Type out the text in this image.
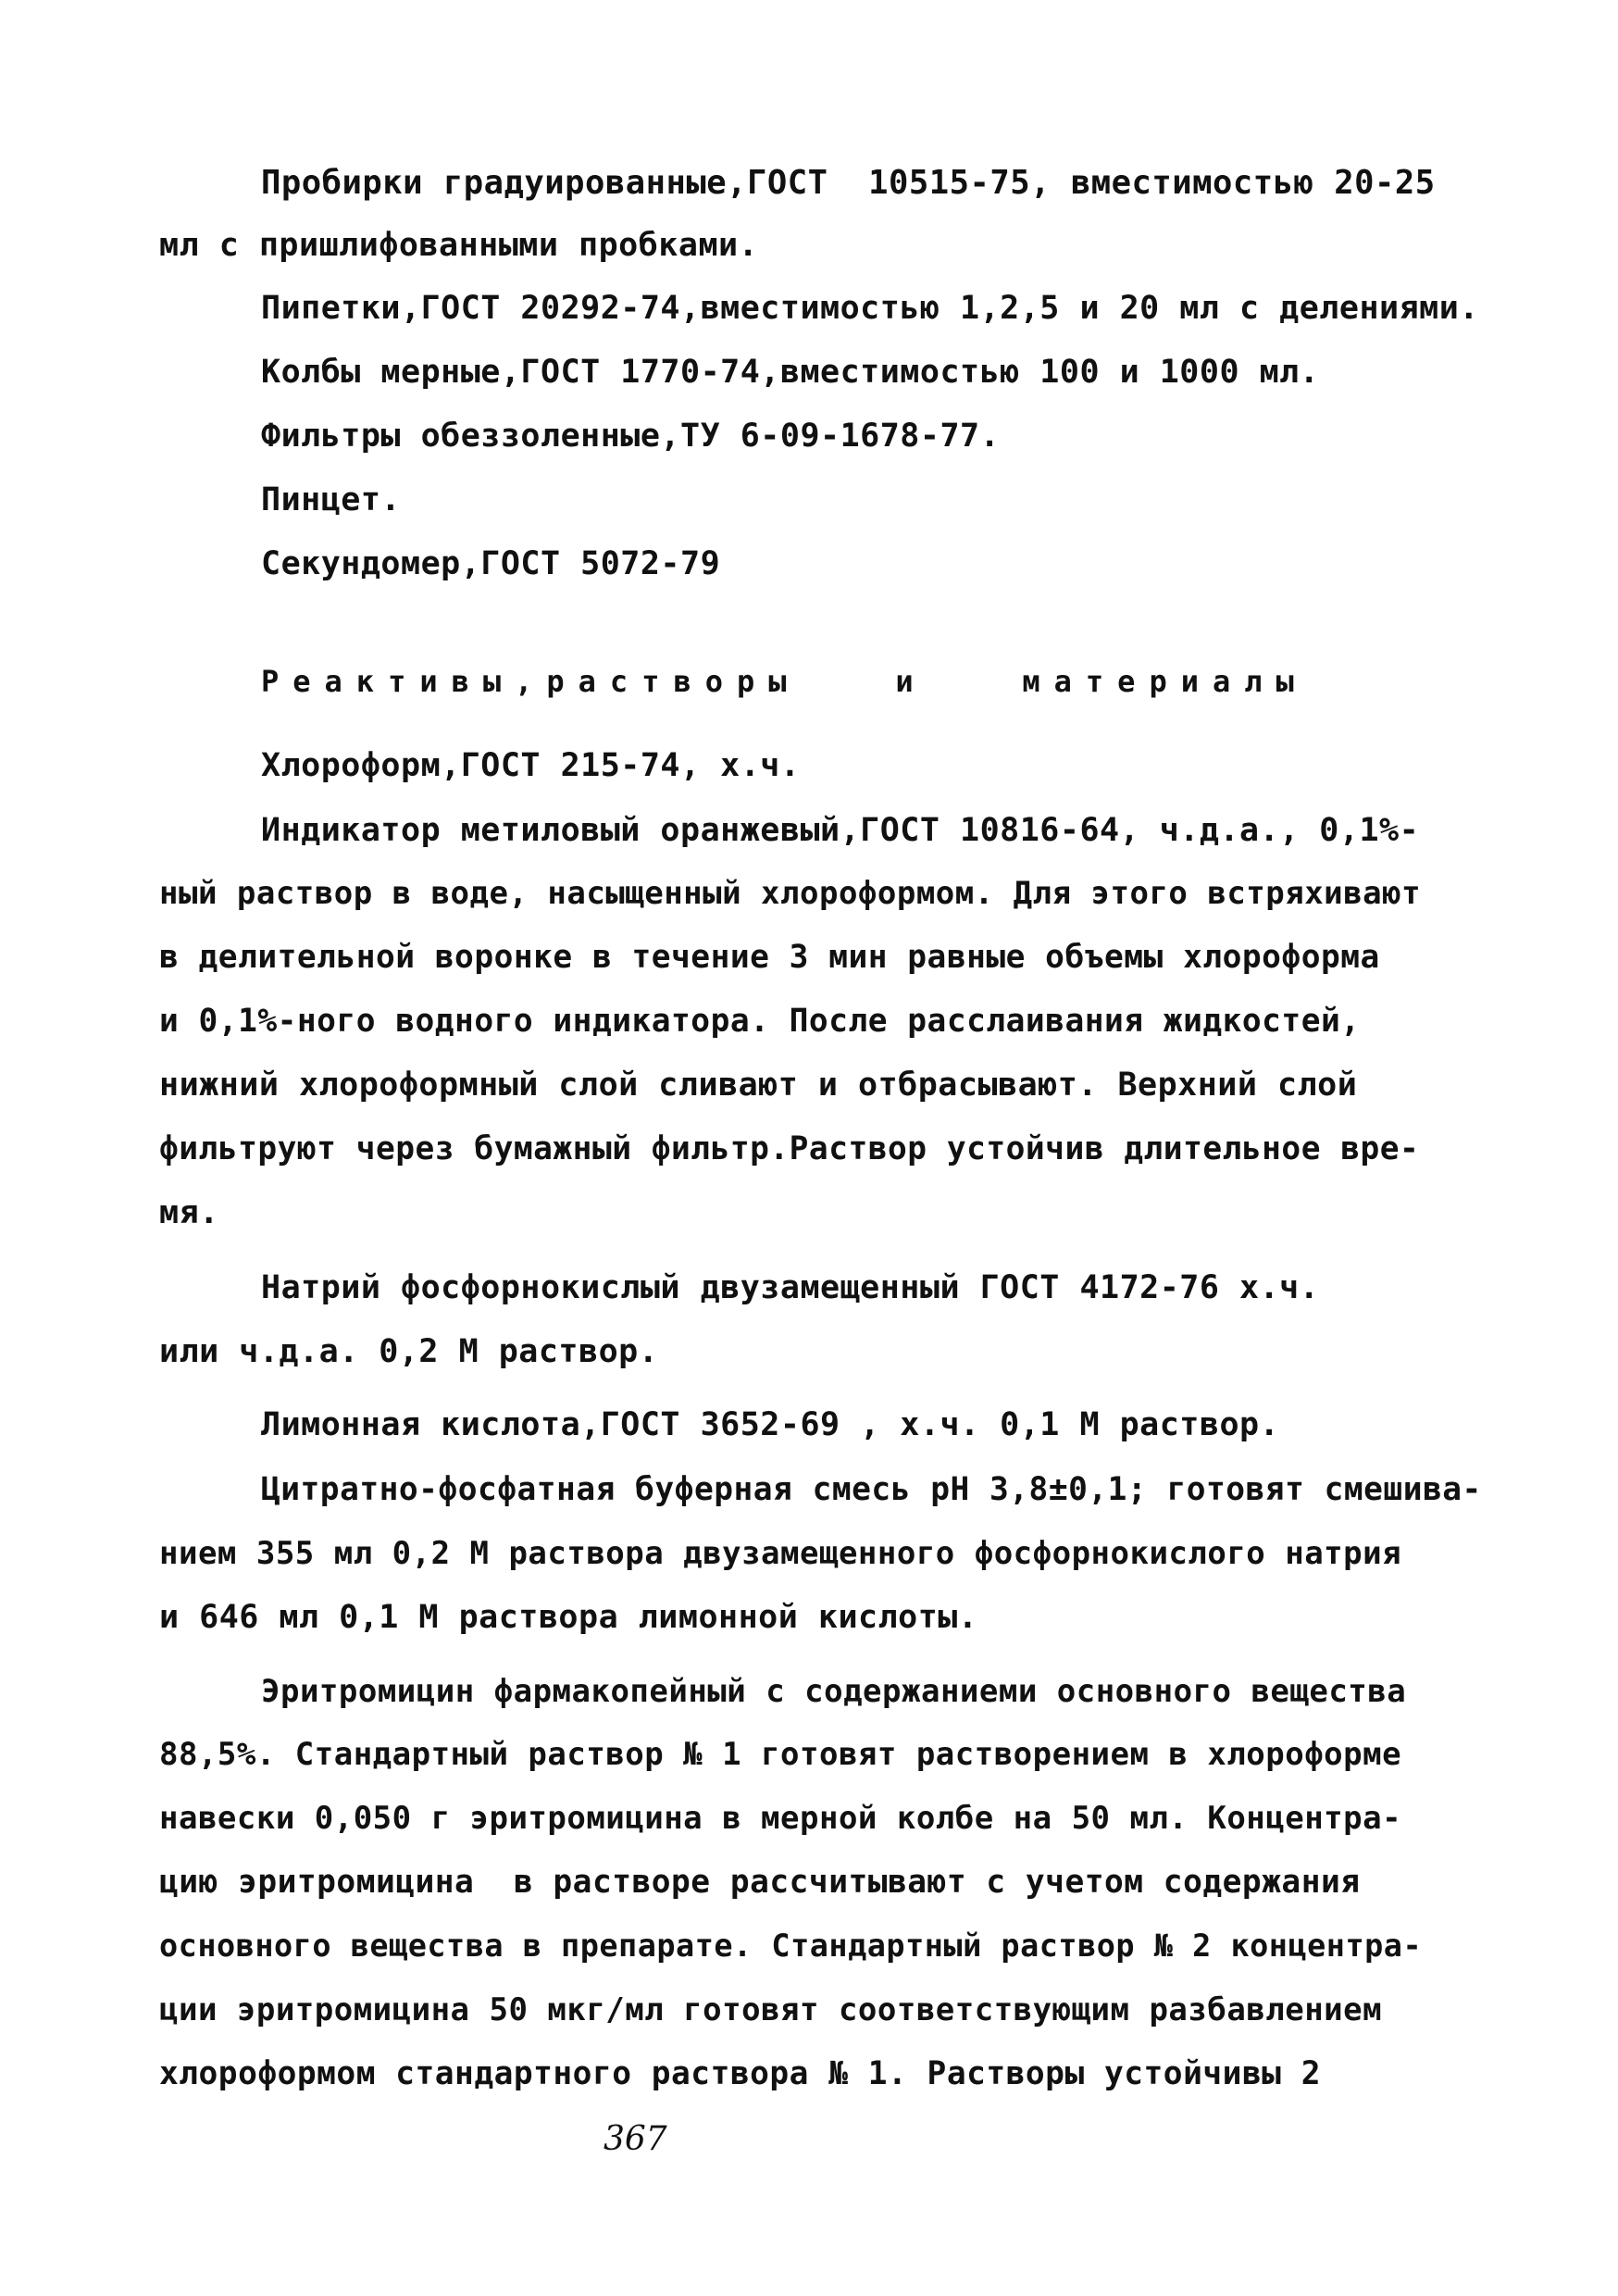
Пробирки градуированные,ГОСТ  10515-75, вместимостью 20-25
мл с пришлифованными пробками.
Пипетки,ГОСТ 20292-74,вместимостью 1,2,5 и 20 мл с делениями.
Колбы мерные,ГОСТ 1770-74,вместимостью 100 и 1000 мл.
Фильтры обеззоленные,ТУ 6-09-1678-77.
Пинцет.
Секундомер,ГОСТ 5072-79
Реактивы,растворы   и   материалы
Хлороформ,ГОСТ 215-74, х.ч.
Индикатор метиловый оранжевый,ГОСТ 10816-64, ч.д.а., 0,1%-
ный раствор в воде, насыщенный хлороформом. Для этого встряхивают
в делительной воронке в течение 3 мин равные объемы хлороформа
и 0,1%-ного водного индикатора. После расслаивания жидкостей,
нижний хлороформный слой сливают и отбрасывают. Верхний слой
фильтруют через бумажный фильтр.Раствор устойчив длительное вре-
мя.
Натрий фосфорнокислый двузамещенный ГОСТ 4172-76 х.ч.
или ч.д.а. 0,2 М раствор.
Лимонная кислота,ГОСТ 3652-69 , х.ч. 0,1 М раствор.
Цитратно-фосфатная буферная смесь рН 3,8±0,1; готовят смешива-
нием 355 мл 0,2 М раствора двузамещенного фосфорнокислого натрия
и 646 мл 0,1 М раствора лимонной кислоты.
Эритромицин фармакопейный с содержаниеми основного вещества
88,5%. Стандартный раствор № 1 готовят растворением в хлороформе
навески 0,050 г эритромицина в мерной колбе на 50 мл. Концентра-
цию эритромицина  в растворе рассчитывают с учетом содержания
основного вещества в препарате. Стандартный раствор № 2 концентра-
ции эритромицина 50 мкг/мл готовят соответствующим разбавлением
хлороформом стандартного раствора № 1. Растворы устойчивы 2
367
